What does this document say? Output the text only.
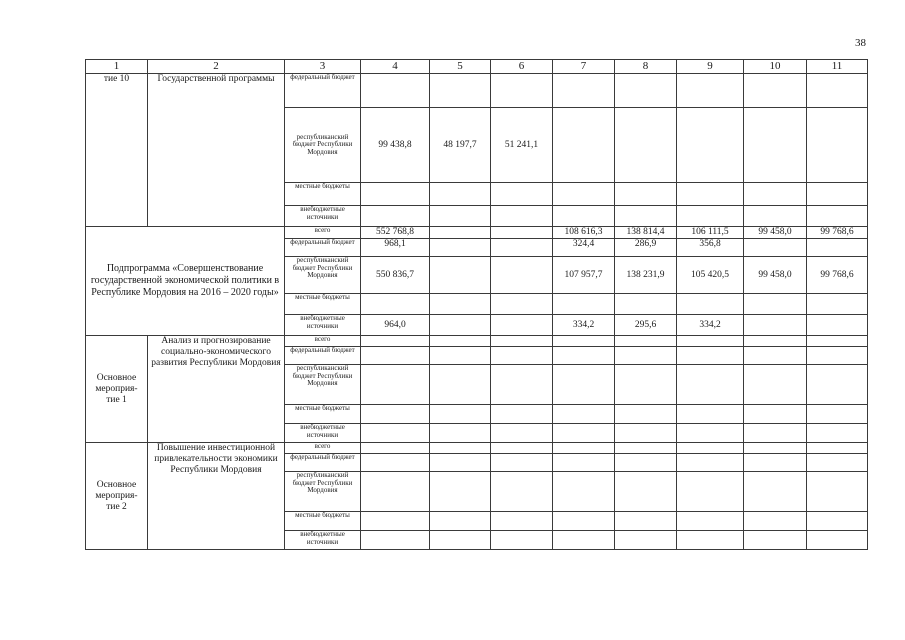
38
1	2	3	4	5	6	7	8	9	10	11
тие 10	Государственной программы	федеральный бюджет								
		республиканский бюджет Республики Мордовия	99 438,8	48 197,7	51 241,1					
		местные бюджеты								
		внебюджетные источники								
Подпрограмма «Совершенствование государственной экономической политики в Республике Мордовия на 2016 – 2020 годы»		всего	552 768,8			108 616,3	138 814,4	106 111,5	99 458,0	99 768,6
		федеральный бюджет	968,1			324,4	286,9	356,8		
		республиканский бюджет Республики Мордовия	550 836,7			107 957,7	138 231,9	105 420,5	99 458,0	99 768,6
		местные бюджеты								
		внебюджетные источники	964,0			334,2	295,6	334,2		
Основное мероприя- тие 1	Анализ и прогнозирование социально-экономического развития Республики Мордовия	всего								
		федеральный бюджет								
		республиканский бюджет Республики Мордовия								
		местные бюджеты								
		внебюджетные источники								
Основное мероприя- тие 2	Повышение инвестиционной привлекательности экономики Республики Мордовия	всего								
		федеральный бюджет								
		республиканский бюджет Республики Мордовия								
		местные бюджеты								
		внебюджетные источники								
